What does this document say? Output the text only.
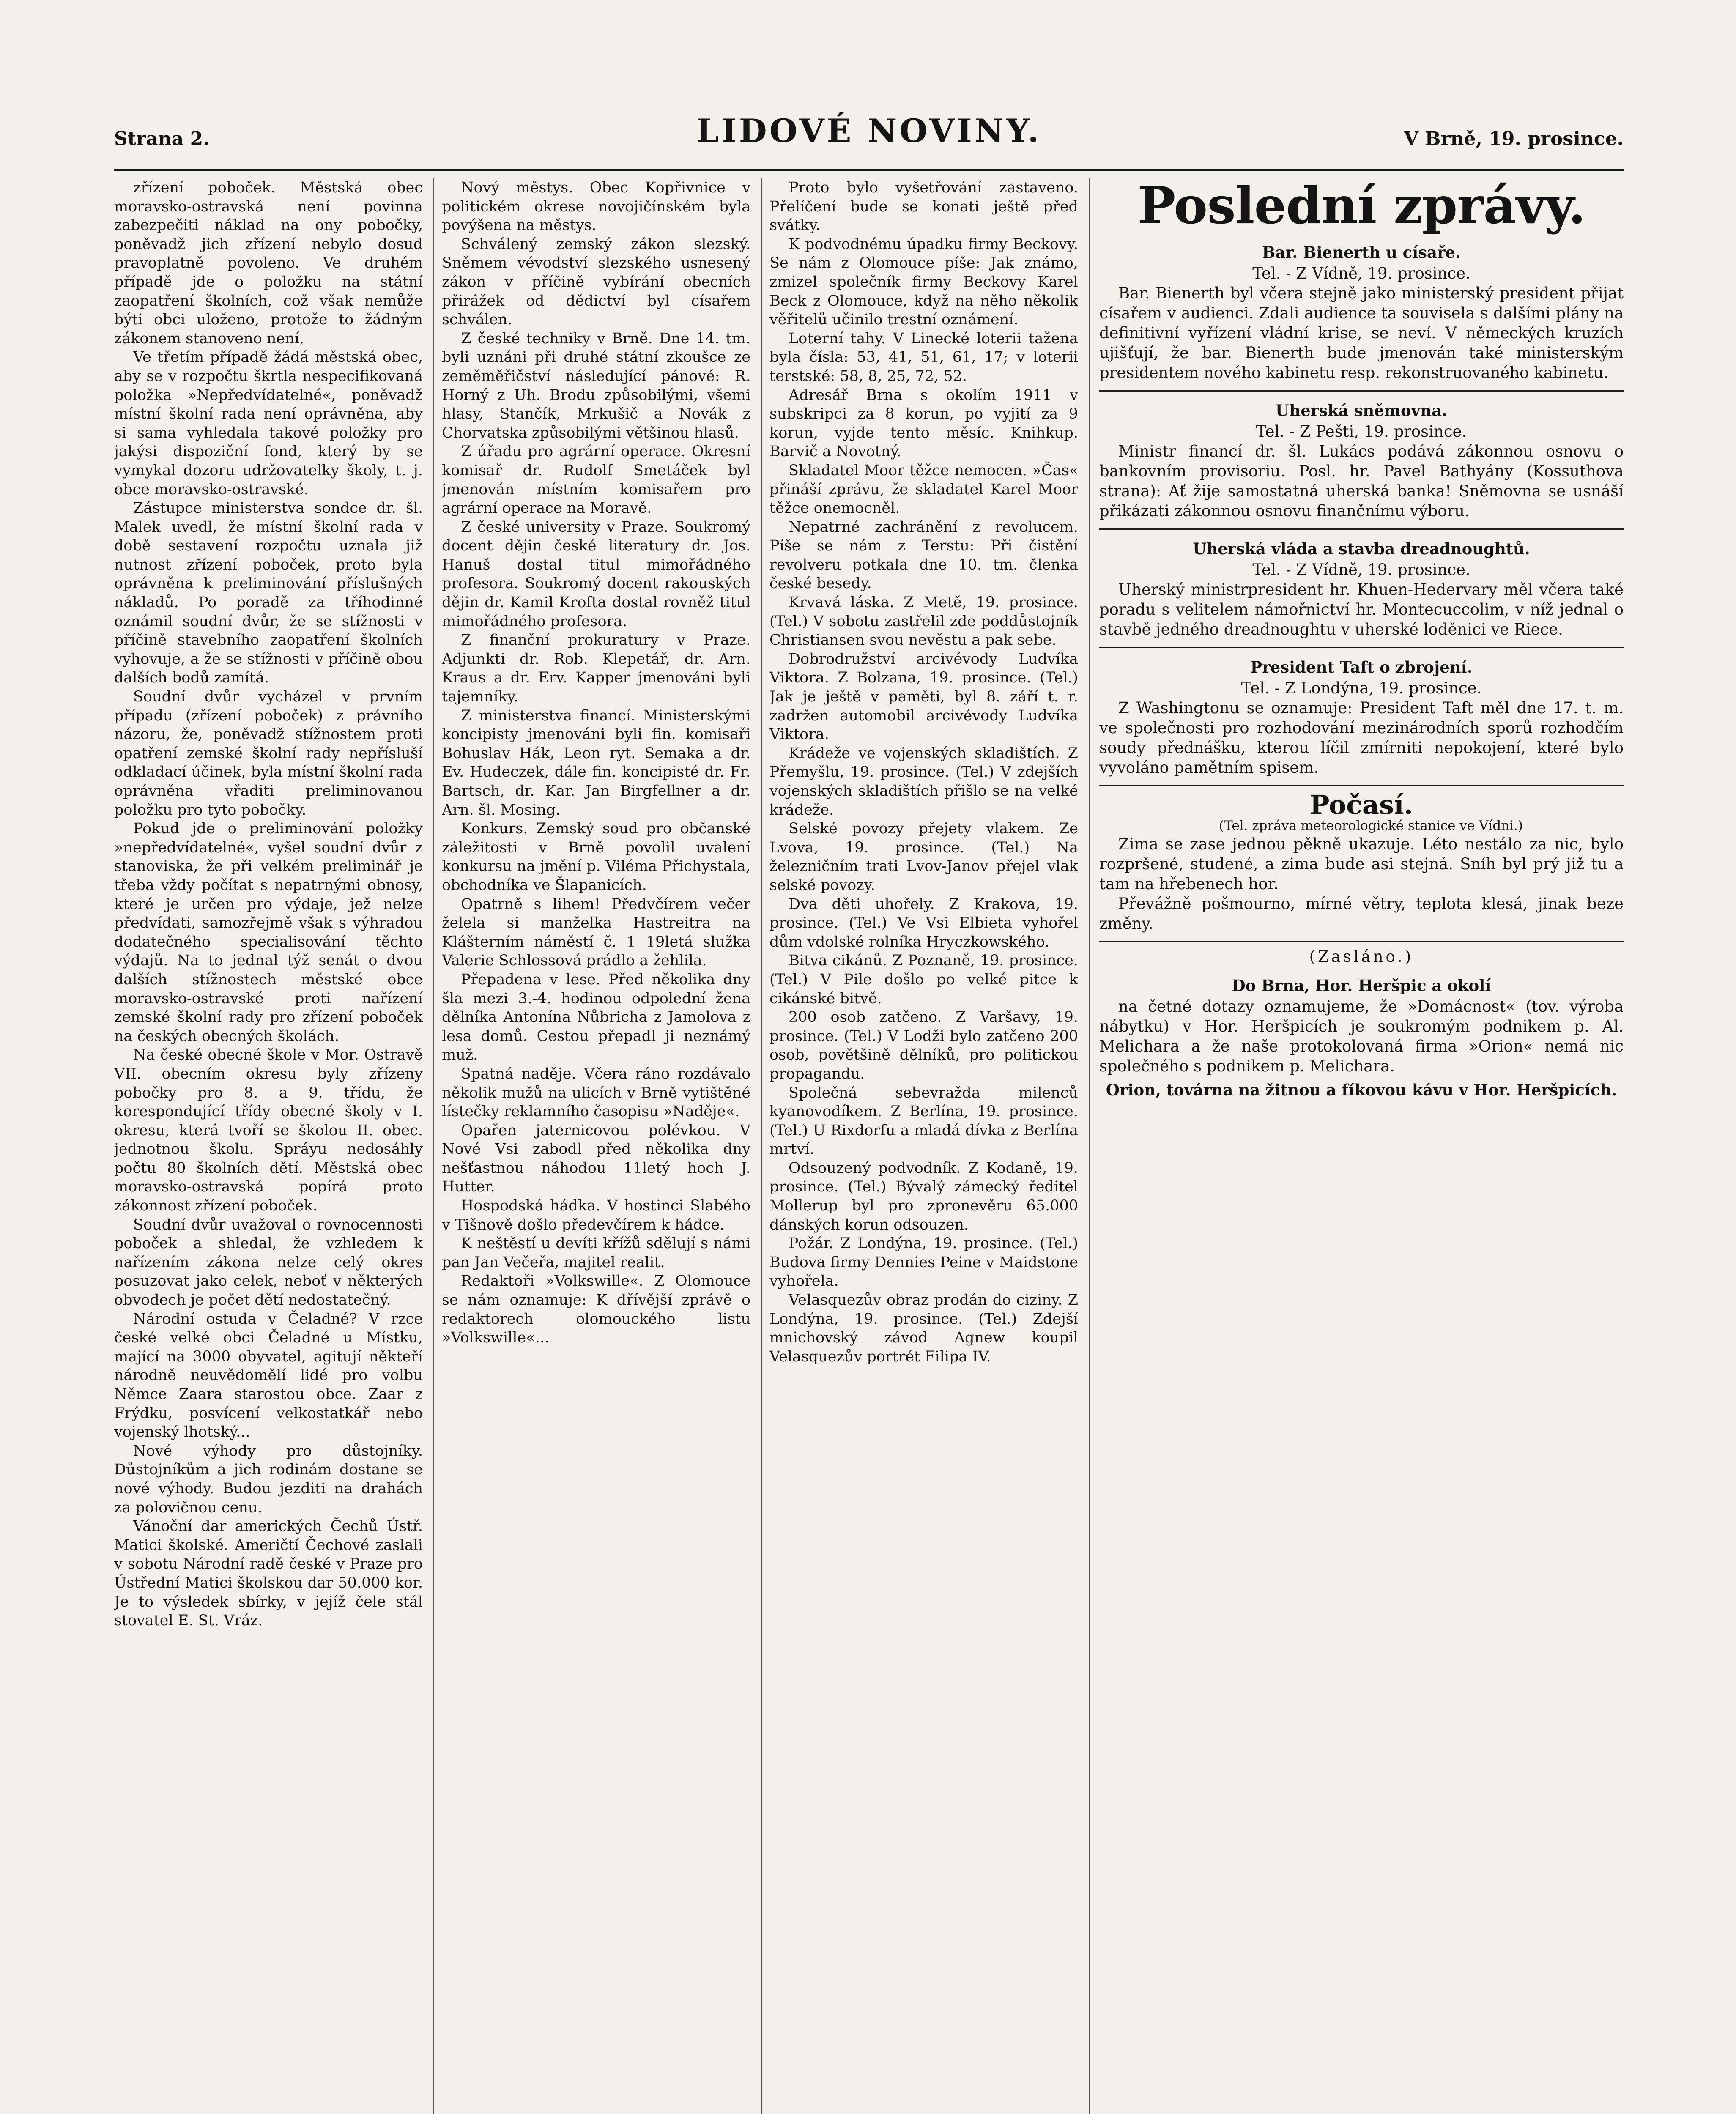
Strana 2.	LIDOVÉ NOVINY.	V Brně, 19. prosince.

zřízení poboček. Městská obec moravsko-ostravská není povinna zabezpečiti náklad na ony pobočky, poněvadž jich zřízení nebylo dosud pravoplatně povoleno. Ve druhém případě jde o položku na státní zaopatření školních, což však nemůže býti obci uloženo, protože to žádným zákonem stanoveno není.

Ve třetím případě žádá městská obec, aby se v rozpočtu škrtla nespecifikovaná položka »Nepředvídatelné«, poněvadž místní školní rada není oprávněna, aby si sama vyhledala takové položky pro jakýsi dispoziční fond, který by se vymykal dozoru udržovatelky školy, t. j. obce moravsko-ostravské.

Zástupce ministerstva sondce dr. šl. Malek uvedl, že místní školní rada v době sestavení rozpočtu uznala již nutnost zřízení poboček, proto byla oprávněna k preliminování příslušných nákladů. Po poradě za tříhodinné oznámil soudní dvůr, že se stížnosti v příčině stavebního zaopatření školních vyhovuje, a že se stížnosti v příčině obou dalších bodů zamítá.

Soudní dvůr vycházel v prvním případu (zřízení poboček) z právního názoru, že, poněvadž stížnostem proti opatření zemské školní rady nepřísluší odkladací účinek, byla místní školní rada oprávněna vřaditi preliminovanou položku pro tyto pobočky.

Pokud jde o preliminování položky »nepředvídatelné«, vyšel soudní dvůr z stanoviska, že při velkém preliminář je třeba vždy počítat s nepatrnými obnosy, které je určen pro výdaje, jež nelze předvídati, samozřejmě však s výhradou dodatečného specialisování těchto výdajů. Na to jednal týž senát o dvou dalších stížnostech městské obce moravsko-ostravské proti nařízení zemské školní rady pro zřízení poboček na českých obecných školách.

Na české obecné škole v Mor. Ostravě VII. obecním okresu byly zřízeny pobočky pro 8. a 9. třídu, že korespondující třídy obecné školy v I. okresu, která tvoří se školou II. obec. jednotnou školu. Spráyu nedosáhly počtu 80 školních dětí. Městská obec moravsko-ostravská popírá proto zákonnost zřízení poboček.

Soudní dvůr uvažoval o rovnocennosti poboček a shledal, že vzhledem k nařízením zákona nelze celý okres posuzovat jako celek, neboť v některých obvodech je počet dětí nedostatečný.

Národní ostuda v Čeladné? V rzce české velké obci Čeladné u Místku, mající na 3000 obyvatel, agitují někteří národně neuvědomělí lidé pro volbu Němce Zaara starostou obce. Zaar z Frýdku, posvícení velkostatkář nebo vojenský lhotský...

Nové výhody pro důstojníky. Důstojníkům a jich rodinám dostane se nové výhody. Budou jezditi na drahách za polovičnou cenu.

Vánoční dar amerických Čechů Ústř. Matici školské. Američtí Čechové zaslali v sobotu Národní radě české v Praze pro Ústřední Matici školskou dar 50.000 kor. Je to výsledek sbírky, v jejíž čele stál stovatel E. St. Vráz.

Nový městys. Obec Kopřivnice v politickém okrese novojičínském byla povýšena na městys.

Schválený zemský zákon slezský. Sněmem vévodství slezského usnesený zákon v příčině vybírání obecních přirážek od dědictví byl císařem schválen.

Z české techniky v Brně. Dne 14. tm. byli uznáni při druhé státní zkoušce ze zeměměřičství následující pánové: R. Horný z Uh. Brodu způsobilými, všemi hlasy, Stančík, Mrkušič a Novák z Chorvatska způsobilými většinou hlasů.

Z úřadu pro agrární operace. Okresní komisař dr. Rudolf Smetáček byl jmenován místním komisařem pro agrární operace na Moravě.

Z české university v Praze. Soukromý docent dějin české literatury dr. Jos. Hanuš dostal titul mimořádného profesora. Soukromý docent rakouských dějin dr. Kamil Krofta dostal rovněž titul mimořádného profesora.

Z finanční prokuratury v Praze. Adjunkti dr. Rob. Klepetář, dr. Arn. Kraus a dr. Erv. Kapper jmenováni byli tajemníky.

Z ministerstva financí. Ministerskými koncipisty jmenováni byli fin. komisaři Bohuslav Hák, Leon ryt. Semaka a dr. Ev. Hudeczek, dále fin. koncipisté dr. Fr. Bartsch, dr. Kar. Jan Birgfellner a dr. Arn. šl. Mosing.

Konkurs. Zemský soud pro občanské záležitosti v Brně povolil uvalení konkursu na jmění p. Viléma Přichystala, obchodníka ve Šlapanicích.

Opatrně s lihem! Předvčírem večer želela si manželka Hastreitra na Klášterním náměstí č. 1 19letá služka Valerie Schlossová prádlo a žehlila.

Přepadena v lese. Před několika dny šla mezi 3.-4. hodinou odpolední žena dělníka Antonína Nůbricha z Jamolova z lesa domů. Cestou přepadl ji neznámý muž.

Spatná naděje. Včera ráno rozdávalo několik mužů na ulicích v Brně vytištěné lístečky reklamního časopisu »Naděje«.

Opařen jaternicovou polévkou. V Nové Vsi zabodl před několika dny nešťastnou náhodou 11letý hoch J. Hutter.

Hospodská hádka. V hostinci Slabého v Tišnově došlo předevčírem k hádce.

K neštěstí u devíti křížů sdělují s námi pan Jan Večeřa, majitel realit.

Redaktoři »Volkswille«. Z Olomouce se nám oznamuje: K dřívější zprávě o redaktorech olomouckého listu »Volkswille«...

Proto bylo vyšetřování zastaveno. Přelíčení bude se konati ještě před svátky.

K podvodnému úpadku firmy Beckovy. Se nám z Olomouce píše: Jak známo, zmizel společník firmy Beckovy Karel Beck z Olomouce, když na něho několik věřitelů učinilo trestní oznámení.

Loterní tahy. V Linecké loterii tažena byla čísla: 53, 41, 51, 61, 17; v loterii terstské: 58, 8, 25, 72, 52.

Adresář Brna s okolím 1911 v subskripci za 8 korun, po vyjití za 9 korun, vyjde tento měsíc. Knihkup. Barvič a Novotný.

Skladatel Moor těžce nemocen. »Čas« přináší zprávu, že skladatel Karel Moor těžce onemocněl.

Nepatrné zachránění z revolucem. Píše se nám z Terstu: Při čistění revolveru potkala dne 10. tm. členka české besedy.

Krvavá láska. Z Metě, 19. prosince. (Tel.) V sobotu zastřelil zde poddůstojník Christiansen svou nevěstu a pak sebe.

Dobrodružství arcivévody Ludvíka Viktora. Z Bolzana, 19. prosince. (Tel.) Jak je ještě v paměti, byl 8. září t. r. zadržen automobil arcivévody Ludvíka Viktora.

Krádeže ve vojenských skladištích. Z Přemyšlu, 19. prosince. (Tel.) V zdejších vojenských skladištích přišlo se na velké krádeže.

Selské povozy přejety vlakem. Ze Lvova, 19. prosince. (Tel.) Na železničním trati Lvov-Janov přejel vlak selské povozy.

Dva děti uhořely. Z Krakova, 19. prosince. (Tel.) Ve Vsi Elbieta vyhořel dům vdolské rolníka Hryczkowského.

Bitva cikánů. Z Poznaně, 19. prosince. (Tel.) V Pile došlo po velké pitce k cikánské bitvě.

200 osob zatčeno. Z Varšavy, 19. prosince. (Tel.) V Lodži bylo zatčeno 200 osob, povětšině dělníků, pro politickou propagandu.

Společná sebevražda milenců kyanovodíkem. Z Berlína, 19. prosince. (Tel.) U Rixdorfu a mladá dívka z Berlína mrtví.

Odsouzený podvodník. Z Kodaně, 19. prosince. (Tel.) Bývalý zámecký ředitel Mollerup byl pro zpronevěru 65.000 dánských korun odsouzen.

Požár. Z Londýna, 19. prosince. (Tel.) Budova firmy Dennies Peine v Maidstone vyhořela.

Velasquezův obraz prodán do ciziny. Z Londýna, 19. prosince. (Tel.) Zdejší mnichovský závod Agnew koupil Velasquezův portrét Filipa IV.

Poslední zprávy.
Bar. Bienerth u císaře.

Tel. - Z Vídně, 19. prosince.

Bar. Bienerth byl včera stejně jako ministerský president přijat císařem v audienci. Zdali audience ta souvisela s dalšími plány na definitivní vyřízení vládní krise, se neví. V německých kruzích ujišťují, že bar. Bienerth bude jmenován také ministerským presidentem nového kabinetu resp. rekonstruovaného kabinetu.

Uherská sněmovna.

Tel. - Z Pešti, 19. prosince.

Ministr financí dr. šl. Lukács podává zákonnou osnovu o bankovním provisoriu. Posl. hr. Pavel Bathyány (Kossuthova strana): Ať žije samostatná uherská banka! Sněmovna se usnáší přikázati zákonnou osnovu finančnímu výboru.

Uherská vláda a stavba dreadnoughtů.

Tel. - Z Vídně, 19. prosince.

Uherský ministrpresident hr. Khuen-Hedervary měl včera také poradu s velitelem námořnictví hr. Montecuccolim, v níž jednal o stavbě jedného dreadnoughtu v uherské loděnici ve Riece.

President Taft o zbrojení.

Tel. - Z Londýna, 19. prosince.

Z Washingtonu se oznamuje: President Taft měl dne 17. t. m. ve společnosti pro rozhodování mezinárodních sporů rozhodčím soudy přednášku, kterou líčil zmírniti nepokojení, které bylo vyvoláno pamětním spisem.

Počasí.

(Tel. zpráva meteorologické stanice ve Vídni.)

Zima se zase jednou pěkně ukazuje. Léto nestálo za nic, bylo rozpršené, studené, a zima bude asi stejná. Sníh byl prý již tu a tam na hřebenech hor.

Převážně pošmourno, mírné větry, teplota klesá, jinak beze změny.

(Zasláno.)

Do Brna, Hor. Heršpic a okolí

na četné dotazy oznamujeme, že »Domácnost« (tov. výroba nábytku) v Hor. Heršpicích je soukromým podnikem p. Al. Melichara a že naše protokolovaná firma »Orion« nemá nic společného s podnikem p. Melichara.

Orion, továrna na žitnou a fíkovou kávu v Hor. Heršpicích.
